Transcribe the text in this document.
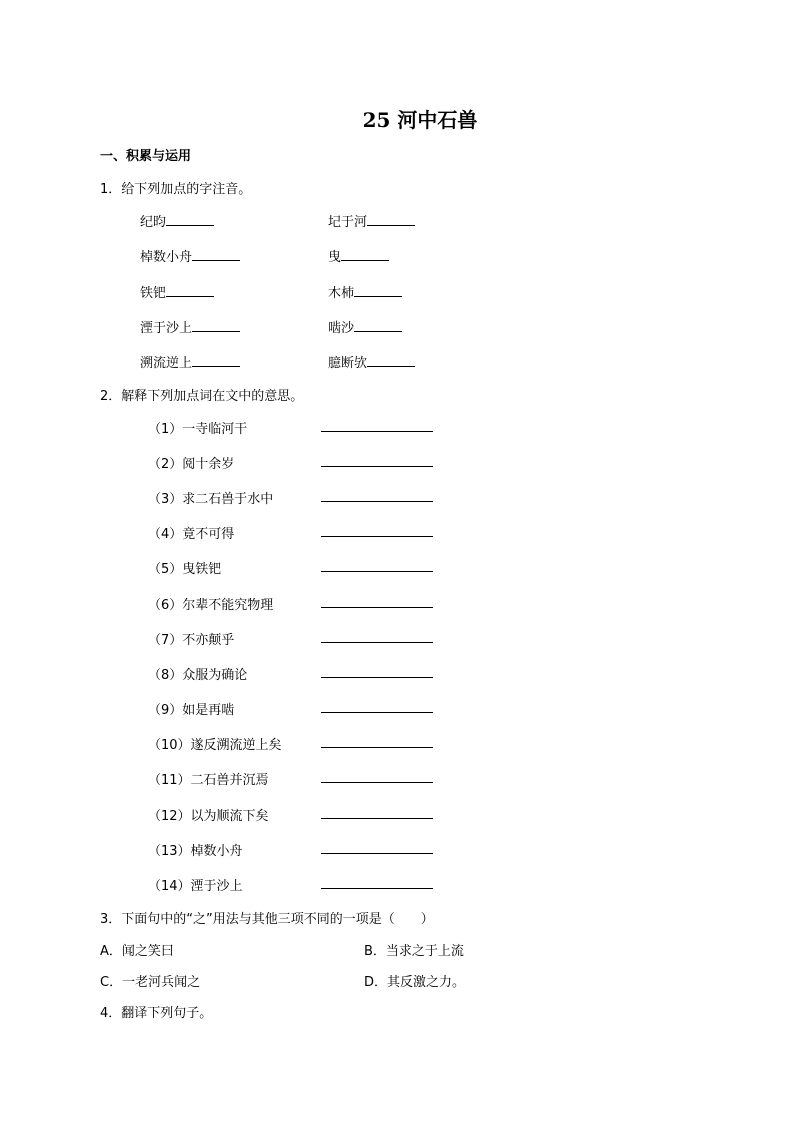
25 河中石兽
一、积累与运用
1．给下列加点的字注音。
纪昀	圮于河
棹数小舟	曳
铁钯	木杮
湮于沙上	啮沙
溯流逆上	臆断欤
2．解释下列加点词在文中的意思。
（1）一寺临河干
（2）阅十余岁
（3）求二石兽于水中
（4）竟不可得
（5）曳铁钯
（6）尔辈不能究物理
（7）不亦颠乎
（8）众服为确论
（9）如是再啮
（10）遂反溯流逆上矣
（11）二石兽并沉焉
（12）以为顺流下矣
（13）棹数小舟
（14）湮于沙上
3．下面句中的“之”用法与其他三项不同的一项是（　　）
A．闻之笑曰	B．当求之于上流
C．一老河兵闻之	D．其反激之力。
4．翻译下列句子。
